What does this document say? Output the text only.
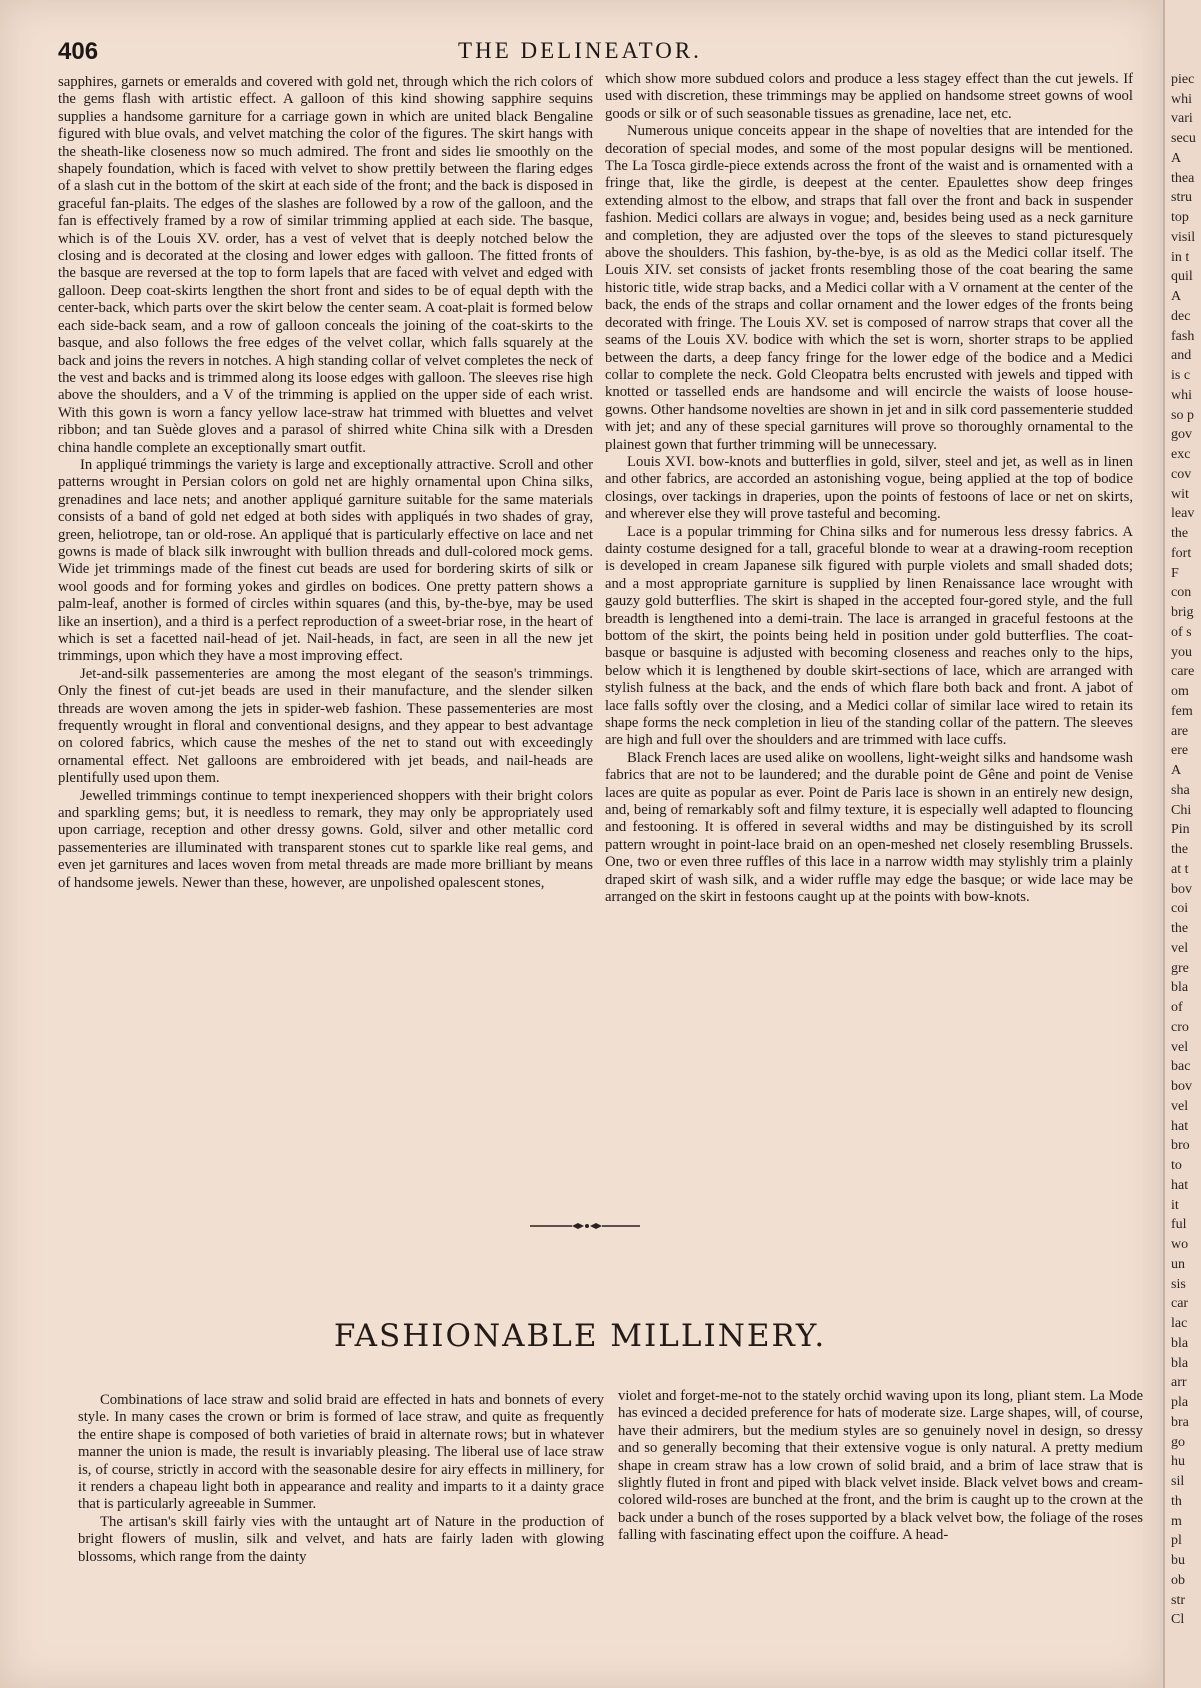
406	THE DELINEATOR.

sapphires, garnets or emeralds and covered with gold net, through which the rich colors of the gems flash with artistic effect. A galloon of this kind showing sapphire sequins supplies a handsome garniture for a carriage gown in which are united black Bengaline figured with blue ovals, and velvet matching the color of the figures. The skirt hangs with the sheath-like closeness now so much admired. The front and sides lie smoothly on the shapely foundation, which is faced with velvet to show prettily between the flaring edges of a slash cut in the bottom of the skirt at each side of the front; and the back is disposed in graceful fan-plaits. The edges of the slashes are followed by a row of the galloon, and the fan is effectively framed by a row of similar trimming applied at each side. The basque, which is of the Louis XV. order, has a vest of velvet that is deeply notched below the closing and is decorated at the closing and lower edges with galloon. The fitted fronts of the basque are reversed at the top to form lapels that are faced with velvet and edged with galloon. Deep coat-skirts lengthen the short front and sides to be of equal depth with the center-back, which parts over the skirt below the center seam. A coat-plait is formed below each side-back seam, and a row of galloon conceals the joining of the coat-skirts to the basque, and also follows the free edges of the velvet collar, which falls squarely at the back and joins the revers in notches. A high standing collar of velvet completes the neck of the vest and backs and is trimmed along its loose edges with galloon. The sleeves rise high above the shoulders, and a V of the trimming is applied on the upper side of each wrist. With this gown is worn a fancy yellow lace-straw hat trimmed with bluettes and velvet ribbon; and tan Suède gloves and a parasol of shirred white China silk with a Dresden china handle complete an exceptionally smart outfit.

In appliqué trimmings the variety is large and exceptionally attractive. Scroll and other patterns wrought in Persian colors on gold net are highly ornamental upon China silks, grenadines and lace nets; and another appliqué garniture suitable for the same materials consists of a band of gold net edged at both sides with appliqués in two shades of gray, green, heliotrope, tan or old-rose. An appliqué that is particularly effective on lace and net gowns is made of black silk inwrought with bullion threads and dull-colored mock gems. Wide jet trimmings made of the finest cut beads are used for bordering skirts of silk or wool goods and for forming yokes and girdles on bodices. One pretty pattern shows a palm-leaf, another is formed of circles within squares (and this, by-the-bye, may be used like an insertion), and a third is a perfect reproduction of a sweet-briar rose, in the heart of which is set a facetted nail-head of jet. Nail-heads, in fact, are seen in all the new jet trimmings, upon which they have a most improving effect.

Jet-and-silk passementeries are among the most elegant of the season's trimmings. Only the finest of cut-jet beads are used in their manufacture, and the slender silken threads are woven among the jets in spider-web fashion. These passementeries are most frequently wrought in floral and conventional designs, and they appear to best advantage on colored fabrics, which cause the meshes of the net to stand out with exceedingly ornamental effect. Net galloons are embroidered with jet beads, and nail-heads are plentifully used upon them.

Jewelled trimmings continue to tempt inexperienced shoppers with their bright colors and sparkling gems; but, it is needless to remark, they may only be appropriately used upon carriage, reception and other dressy gowns. Gold, silver and other metallic cord passementeries are illuminated with transparent stones cut to sparkle like real gems, and even jet garnitures and laces woven from metal threads are made more brilliant by means of handsome jewels. Newer than these, however, are unpolished opalescent stones,

which show more subdued colors and produce a less stagey effect than the cut jewels. If used with discretion, these trimmings may be applied on handsome street gowns of wool goods or silk or of such seasonable tissues as grenadine, lace net, etc.

Numerous unique conceits appear in the shape of novelties that are intended for the decoration of special modes, and some of the most popular designs will be mentioned. The La Tosca girdle-piece extends across the front of the waist and is ornamented with a fringe that, like the girdle, is deepest at the center. Epaulettes show deep fringes extending almost to the elbow, and straps that fall over the front and back in suspender fashion. Medici collars are always in vogue; and, besides being used as a neck garniture and completion, they are adjusted over the tops of the sleeves to stand picturesquely above the shoulders. This fashion, by-the-bye, is as old as the Medici collar itself. The Louis XIV. set consists of jacket fronts resembling those of the coat bearing the same historic title, wide strap backs, and a Medici collar with a V ornament at the center of the back, the ends of the straps and collar ornament and the lower edges of the fronts being decorated with fringe. The Louis XV. set is composed of narrow straps that cover all the seams of the Louis XV. bodice with which the set is worn, shorter straps to be applied between the darts, a deep fancy fringe for the lower edge of the bodice and a Medici collar to complete the neck. Gold Cleopatra belts encrusted with jewels and tipped with knotted or tasselled ends are handsome and will encircle the waists of loose house-gowns. Other handsome novelties are shown in jet and in silk cord passementerie studded with jet; and any of these special garnitures will prove so thoroughly ornamental to the plainest gown that further trimming will be unnecessary.

Louis XVI. bow-knots and butterflies in gold, silver, steel and jet, as well as in linen and other fabrics, are accorded an astonishing vogue, being applied at the top of bodice closings, over tackings in draperies, upon the points of festoons of lace or net on skirts, and wherever else they will prove tasteful and becoming.

Lace is a popular trimming for China silks and for numerous less dressy fabrics. A dainty costume designed for a tall, graceful blonde to wear at a drawing-room reception is developed in cream Japanese silk figured with purple violets and small shaded dots; and a most appropriate garniture is supplied by linen Renaissance lace wrought with gauzy gold butterflies. The skirt is shaped in the accepted four-gored style, and the full breadth is lengthened into a demi-train. The lace is arranged in graceful festoons at the bottom of the skirt, the points being held in position under gold butterflies. The coat-basque or basquine is adjusted with becoming closeness and reaches only to the hips, below which it is lengthened by double skirt-sections of lace, which are arranged with stylish fulness at the back, and the ends of which flare both back and front. A jabot of lace falls softly over the closing, and a Medici collar of similar lace wired to retain its shape forms the neck completion in lieu of the standing collar of the pattern. The sleeves are high and full over the shoulders and are trimmed with lace cuffs.

Black French laces are used alike on woollens, light-weight silks and handsome wash fabrics that are not to be laundered; and the durable point de Gêne and point de Venise laces are quite as popular as ever. Point de Paris lace is shown in an entirely new design, and, being of remarkably soft and filmy texture, it is especially well adapted to flouncing and festooning. It is offered in several widths and may be distinguished by its scroll pattern wrought in point-lace braid on an open-meshed net closely resembling Brussels. One, two or even three ruffles of this lace in a narrow width may stylishly trim a plainly draped skirt of wash silk, and a wider ruffle may edge the basque; or wide lace may be arranged on the skirt in festoons caught up at the points with bow-knots.

FASHIONABLE MILLINERY.

Combinations of lace straw and solid braid are effected in hats and bonnets of every style. In many cases the crown or brim is formed of lace straw, and quite as frequently the entire shape is composed of both varieties of braid in alternate rows; but in whatever manner the union is made, the result is invariably pleasing. The liberal use of lace straw is, of course, strictly in accord with the seasonable desire for airy effects in millinery, for it renders a chapeau light both in appearance and reality and imparts to it a dainty grace that is particularly agreeable in Summer.

The artisan's skill fairly vies with the untaught art of Nature in the production of bright flowers of muslin, silk and velvet, and hats are fairly laden with glowing blossoms, which range from the dainty

violet and forget-me-not to the stately orchid waving upon its long, pliant stem. La Mode has evinced a decided preference for hats of moderate size. Large shapes, will, of course, have their admirers, but the medium styles are so genuinely novel in design, so dressy and so generally becoming that their extensive vogue is only natural. A pretty medium shape in cream straw has a low crown of solid braid, and a brim of lace straw that is slightly fluted in front and piped with black velvet inside. Black velvet bows and cream-colored wild-roses are bunched at the front, and the brim is caught up to the crown at the back under a bunch of the roses supported by a black velvet bow, the foliage of the roses falling with fascinating effect upon the coiffure. A head-

piec
whi
vari
secu
A
thea
stru
top
visil
in t
quil
A
dec
fash
and
is c
whi
so p
gov
exc
cov
wit
leav
the
fort
F
con
brig
of s
you
care
om
fem
are
ere
A
sha
Chi
Pin
the
at t
bov
coi
the
vel
gre
bla
of
cro
vel
bac
bov
vel
hat
bro
to
hat
it
ful
wo
un
sis
car
lac
bla
bla
arr
pla
bra
go
hu
sil
th
m
pl
bu
ob
str
Cl
